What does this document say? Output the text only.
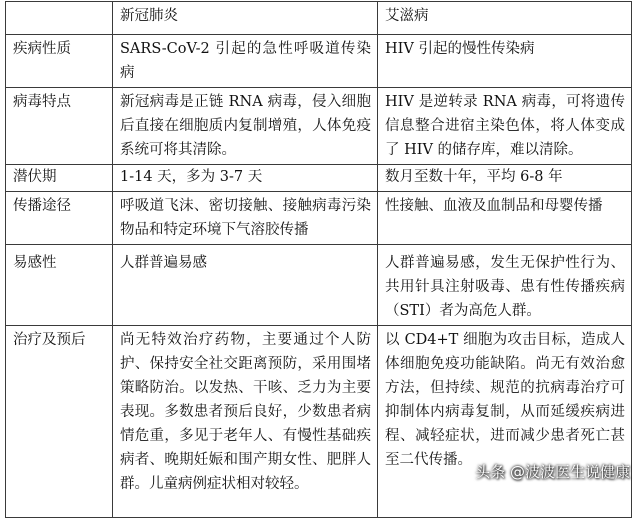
	新冠肺炎	艾滋病
疾病性质	SARS-CoV-2 引起的急性呼吸道传染病	HIV 引起的慢性传染病
病毒特点	新冠病毒是正链 RNA 病毒，侵入细胞后直接在细胞质内复制增殖，人体免疫系统可将其清除。	HIV 是逆转录 RNA 病毒，可将遗传信息整合进宿主染色体，将人体变成了 HIV 的储存库，难以清除。
潜伏期	1-14 天，多为 3-7 天	数月至数十年，平均 6-8 年
传播途径	呼吸道飞沫、密切接触、接触病毒污染物品和特定环境下气溶胶传播	性接触、血液及血制品和母婴传播
易感性	人群普遍易感	人群普遍易感，发生无保护性行为、共用针具注射吸毒、患有性传播疾病（STI）者为高危人群。
治疗及预后	尚无特效治疗药物，主要通过个人防护、保持安全社交距离预防，采用围堵策略防治。以发热、干咳、乏力为主要表现。多数患者预后良好，少数患者病情危重，多见于老年人、有慢性基础疾病者、晚期妊娠和围产期女性、肥胖人群。儿童病例症状相对较轻。	以 CD4+T 细胞为攻击目标，造成人体细胞免疫功能缺陷。尚无有效治愈方法，但持续、规范的抗病毒治疗可抑制体内病毒复制，从而延缓疾病进程、减轻症状，进而减少患者死亡甚至二代传播。
头条 @波波医生说健康
